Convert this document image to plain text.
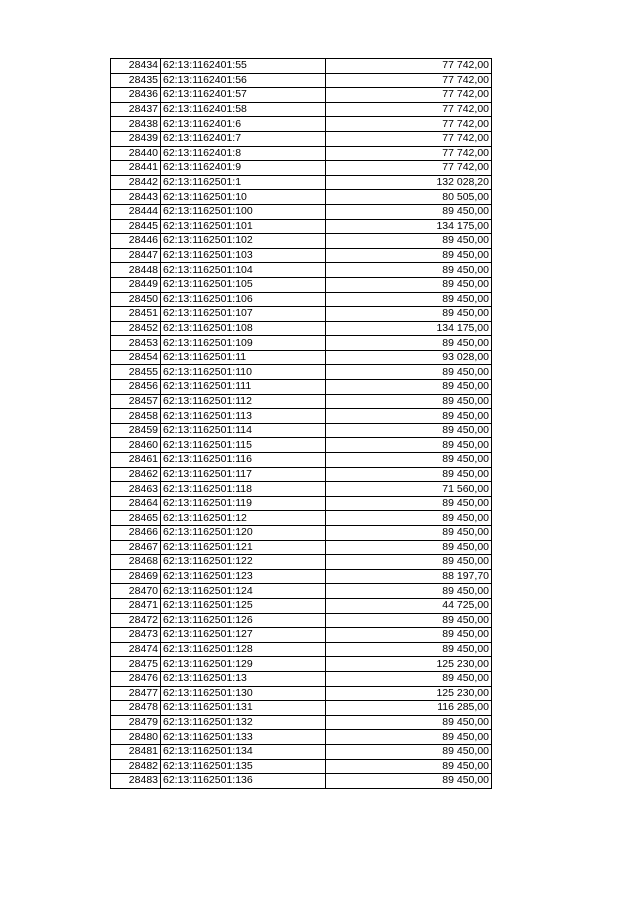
28434	62:13:1162401:55	77 742,00
28435	62:13:1162401:56	77 742,00
28436	62:13:1162401:57	77 742,00
28437	62:13:1162401:58	77 742,00
28438	62:13:1162401:6	77 742,00
28439	62:13:1162401:7	77 742,00
28440	62:13:1162401:8	77 742,00
28441	62:13:1162401:9	77 742,00
28442	62:13:1162501:1	132 028,20
28443	62:13:1162501:10	80 505,00
28444	62:13:1162501:100	89 450,00
28445	62:13:1162501:101	134 175,00
28446	62:13:1162501:102	89 450,00
28447	62:13:1162501:103	89 450,00
28448	62:13:1162501:104	89 450,00
28449	62:13:1162501:105	89 450,00
28450	62:13:1162501:106	89 450,00
28451	62:13:1162501:107	89 450,00
28452	62:13:1162501:108	134 175,00
28453	62:13:1162501:109	89 450,00
28454	62:13:1162501:11	93 028,00
28455	62:13:1162501:110	89 450,00
28456	62:13:1162501:111	89 450,00
28457	62:13:1162501:112	89 450,00
28458	62:13:1162501:113	89 450,00
28459	62:13:1162501:114	89 450,00
28460	62:13:1162501:115	89 450,00
28461	62:13:1162501:116	89 450,00
28462	62:13:1162501:117	89 450,00
28463	62:13:1162501:118	71 560,00
28464	62:13:1162501:119	89 450,00
28465	62:13:1162501:12	89 450,00
28466	62:13:1162501:120	89 450,00
28467	62:13:1162501:121	89 450,00
28468	62:13:1162501:122	89 450,00
28469	62:13:1162501:123	88 197,70
28470	62:13:1162501:124	89 450,00
28471	62:13:1162501:125	44 725,00
28472	62:13:1162501:126	89 450,00
28473	62:13:1162501:127	89 450,00
28474	62:13:1162501:128	89 450,00
28475	62:13:1162501:129	125 230,00
28476	62:13:1162501:13	89 450,00
28477	62:13:1162501:130	125 230,00
28478	62:13:1162501:131	116 285,00
28479	62:13:1162501:132	89 450,00
28480	62:13:1162501:133	89 450,00
28481	62:13:1162501:134	89 450,00
28482	62:13:1162501:135	89 450,00
28483	62:13:1162501:136	89 450,00
